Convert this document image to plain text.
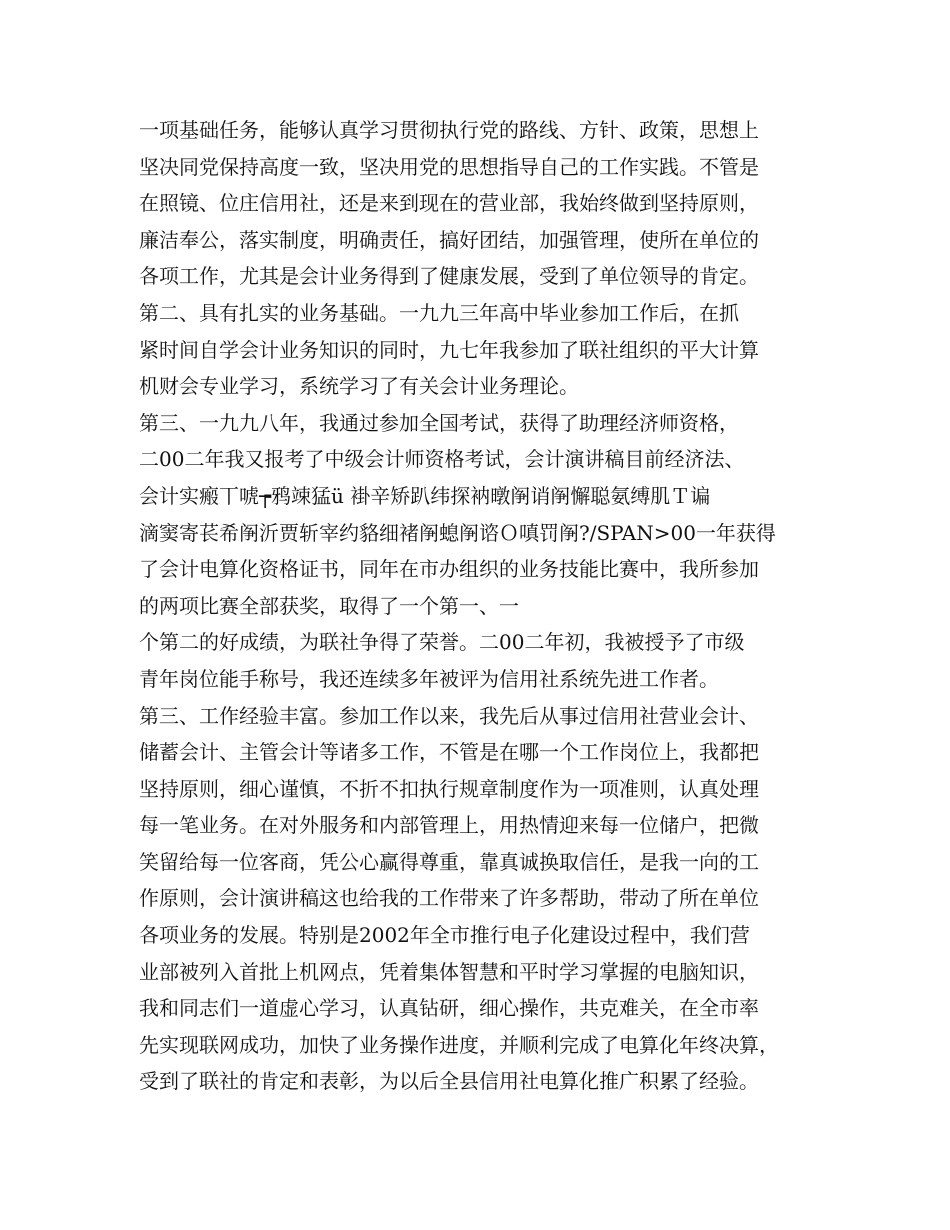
一项基础任务，能够认真学习贯彻执行党的路线、方针、政策，思想上
坚决同党保持高度一致，坚决用党的思想指导自己的工作实践。不管是
在照镜、位庄信用社，还是来到现在的营业部，我始终做到坚持原则，
廉洁奉公，落实制度，明确责任，搞好团结，加强管理，使所在单位的
各项工作，尤其是会计业务得到了健康发展，受到了单位领导的肯定。
第二、具有扎实的业务基础。一九九三年高中毕业参加工作后，在抓
紧时间自学会计业务知识的同时，九七年我参加了联社组织的平大计算
机财会专业学习，系统学习了有关会计业务理论。
第三、一九九八年，我通过参加全国考试，获得了助理经济师资格，
二00二年我又报考了中级会计师资格考试，会计演讲稿目前经济法、
会计实瘢丅唬┮鸦竦猛ü 褂辛矫趴纬探衲暾䦶诮䦶懈聪氨缚肌Ｔ谝
滴窦寄苌希䦶沂贾斩宰约貉细褚䦶螅䦶谘Ｏ嗔罚䦶?/SPAN>00一年获得
了会计电算化资格证书，同年在市办组织的业务技能比赛中，我所参加
的两项比赛全部获奖，取得了一个第一、一
个第二的好成绩，为联社争得了荣誉。二00二年初，我被授予了市级
青年岗位能手称号，我还连续多年被评为信用社系统先进工作者。
第三、工作经验丰富。参加工作以来，我先后从事过信用社营业会计、
储蓄会计、主管会计等诸多工作，不管是在哪一个工作岗位上，我都把
坚持原则，细心谨慎，不折不扣执行规章制度作为一项准则，认真处理
每一笔业务。在对外服务和内部管理上，用热情迎来每一位储户，把微
笑留给每一位客商，凭公心赢得尊重，靠真诚换取信任，是我一向的工
作原则，会计演讲稿这也给我的工作带来了许多帮助，带动了所在单位
各项业务的发展。特别是2002年全市推行电子化建设过程中，我们营
业部被列入首批上机网点，凭着集体智慧和平时学习掌握的电脑知识，
我和同志们一道虚心学习，认真钻研，细心操作，共克难关，在全市率
先实现联网成功，加快了业务操作进度，并顺利完成了电算化年终决算，
受到了联社的肯定和表彰，为以后全县信用社电算化推广积累了经验。
